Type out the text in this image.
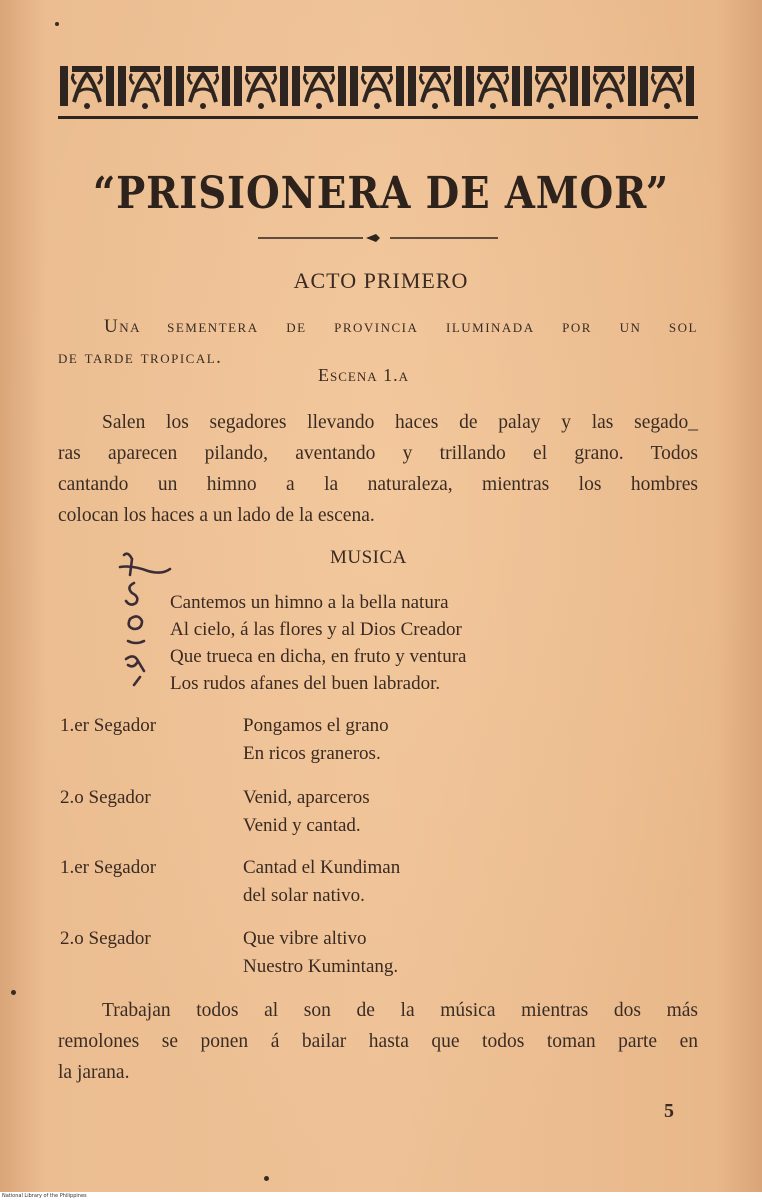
“PRISIONERA DE AMOR”
ACTO PRIMERO
Una sementera de provincia iluminada por un sol
de tarde tropical.
Escena 1.a
Salen los segadores llevando haces de palay y las segado_
ras aparecen pilando, aventando y trillando el grano. Todos
cantando un himno a la naturaleza, mientras los hombres
colocan los haces a un lado de la escena.
MUSICA
Cantemos un himno a la bella natura
Al cielo, á las flores y al Dios Creador
Que trueca en dicha, en fruto y ventura
Los rudos afanes del buen labrador.
1.er Segador	Pongamos el grano
En ricos graneros.
2.o Segador	Venid, aparceros
Venid y cantad.
1.er Segador	Cantad el Kundiman
del solar nativo.
2.o Segador	Que vibre altivo
Nuestro Kumintang.
Trabajan todos al son de la música mientras dos más
remolones se ponen á bailar hasta que todos toman parte en
la jarana.
5
National Library of the Philippines
